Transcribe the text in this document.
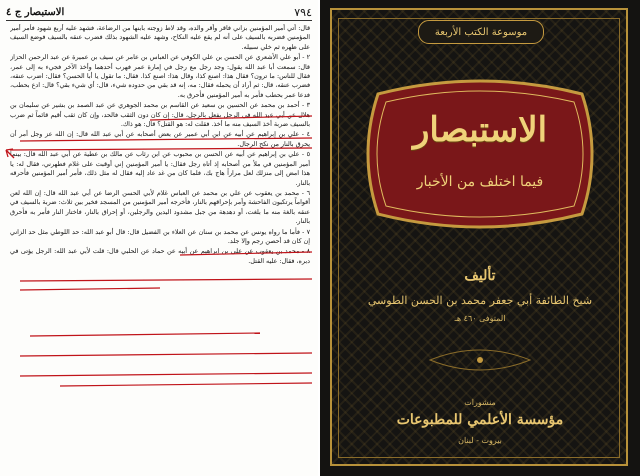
٧٩٤
الاستبصار ج ٤

قال: أتي أمير المؤمنين بزاني فاقر وأقر والده، وقد لاط زوجته بابنها من الرضاعة، فشهد عليه أربع شهود فأمر أمير المؤمنين فضربه بالسيف على أنه لم يقع عليه النكاح، وشهد عليه الشهود بذلك فضرب عنقه بالسيف فوضع السيف على ظهره ثم خلي سبيله.

٢ - أبو علي الأشعري عن الحسن بن علي الكوفي عن العباس بن عامر عن سيف بن عميرة عن عبد الرحمن الحزاز قال: سمعت أبا عبد الله يقول: وجد رجل مع رجل في إمارة عمر فهرب أحدهما وأخذ الآخر فجيء به إلى عمر، فقال للناس: ما ترون؟ فقال هذا: اصنع كذا، وقال هذا: اصنع كذا. فقال: ما تقول يا أبا الحسن؟ فقال: اضرب عنقه، فضرب عنقه، قال: ثم أراد أن يحمله فقال: مه، إنه قد بقي من حدوده شيء، قال: أي شيء بقي؟ قال: ادع بحطب، فدعا عمر بحطب فأمر به أمير المؤمنين فأحرق به.

٣ - أحمد بن محمد عن الحسين بن سعيد عن القاسم بن محمد الجوهري عن عبد الصمد بن بشير عن سليمان بن هلال عن أبي عبد الله في الرجل يفعل بالرجل، قال: إن كان دون الثقب فالحد، وإن كان ثقب أقيم قائماً ثم ضرب بالسيف ضربة أخذ السيف منه ما أخذ. فقلت له: هو القتل؟ قال: هو ذاك.

٤ - علي بن إبراهيم عن أبيه عن ابن أبي عمير عن بعض أصحابه عن أبي عبد الله قال: إن الله عز وجل أمر أن يحرق بالنار من نكح الرجال.

٥ - علي بن إبراهيم عن أبيه عن الحسن بن محبوب عن ابن رئاب عن مالك بن عطية عن أبي عبد الله قال: بينما أمير المؤمنين في ملأ من أصحابه إذ أتاه رجل فقال: يا أمير المؤمنين إني أوقبت على غلام فطهرني، فقال له: يا هذا امض إلى منزلك لعل مراراً هاج بك، فلما كان من غد عاد إليه فقال له مثل ذلك، فأمر أمير المؤمنين فأحرقه بالنار.

٦ - محمد بن يعقوب عن علي بن محمد عن العباس غلام لأبي الحسن الرضا عن أبي عبد الله قال: إن الله لعن أقواماً يرتكبون الفاحشة وأمر بإحراقهم بالنار، فأخرجه أمير المؤمنين من المسجد فخير بين ثلاث: ضربة بالسيف في عنقه بالغة منه ما بلغت، أو دهدهة من جبل مشدود اليدين والرجلين، أو إحراق بالنار، فاختار النار فأمر به فأحرق بالنار.

٧ - فأما ما رواه يونس عن محمد بن سنان عن العلاء بن الفضيل قال: قال أبو عبد الله: حد اللوطي مثل حد الزاني إن كان قد أحصن رجم وإلا جلد.

٨ - محمد بن يعقوب عن علي بن إبراهيم عن أبيه عن حماد عن الحلبي قال: قلت لأبي عبد الله: الرجل يؤتى في دبره، فقال: عليه القتل.

موسوعة الكتب الأربعة
الاستبصار
فيما اختلف من الأخبار
تأليف
شيخ الطائفة أبي جعفر محمد بن الحسن الطوسي
المتوفى ٤٦٠ هـ
منشورات
مؤسسة الأعلمي للمطبوعات
بيروت - لبنان
